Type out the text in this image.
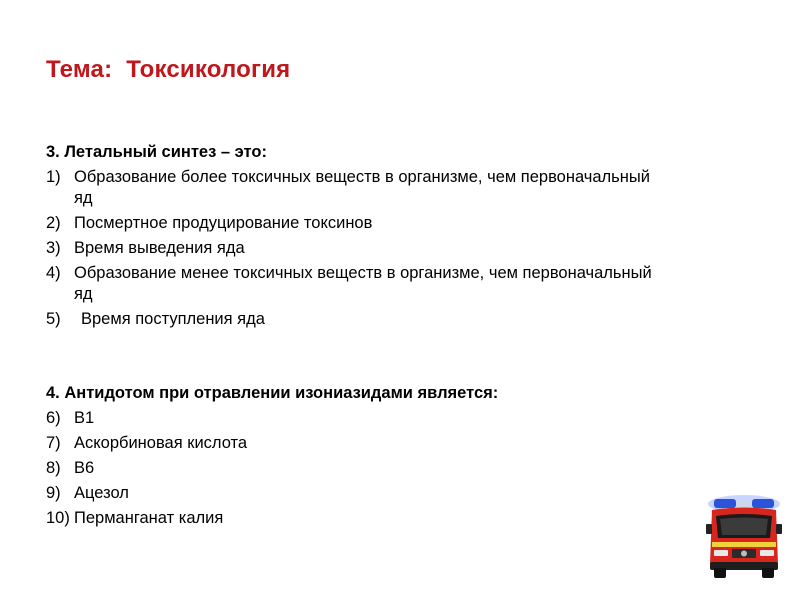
Тема: Токсикология
3. Летальный синтез – это:
1) Образование более токсичных веществ в организме, чем первоначальный яд
2) Посмертное продуцирование токсинов
3) Время выведения яда
4) Образование менее токсичных веществ в организме, чем первоначальный яд
5)	Время поступления яда
4. Антидотом при отравлении изониазидами является:
6) В1
7) Аскорбиновая кислота
8) В6
9) Ацезол
10) Перманганат калия
